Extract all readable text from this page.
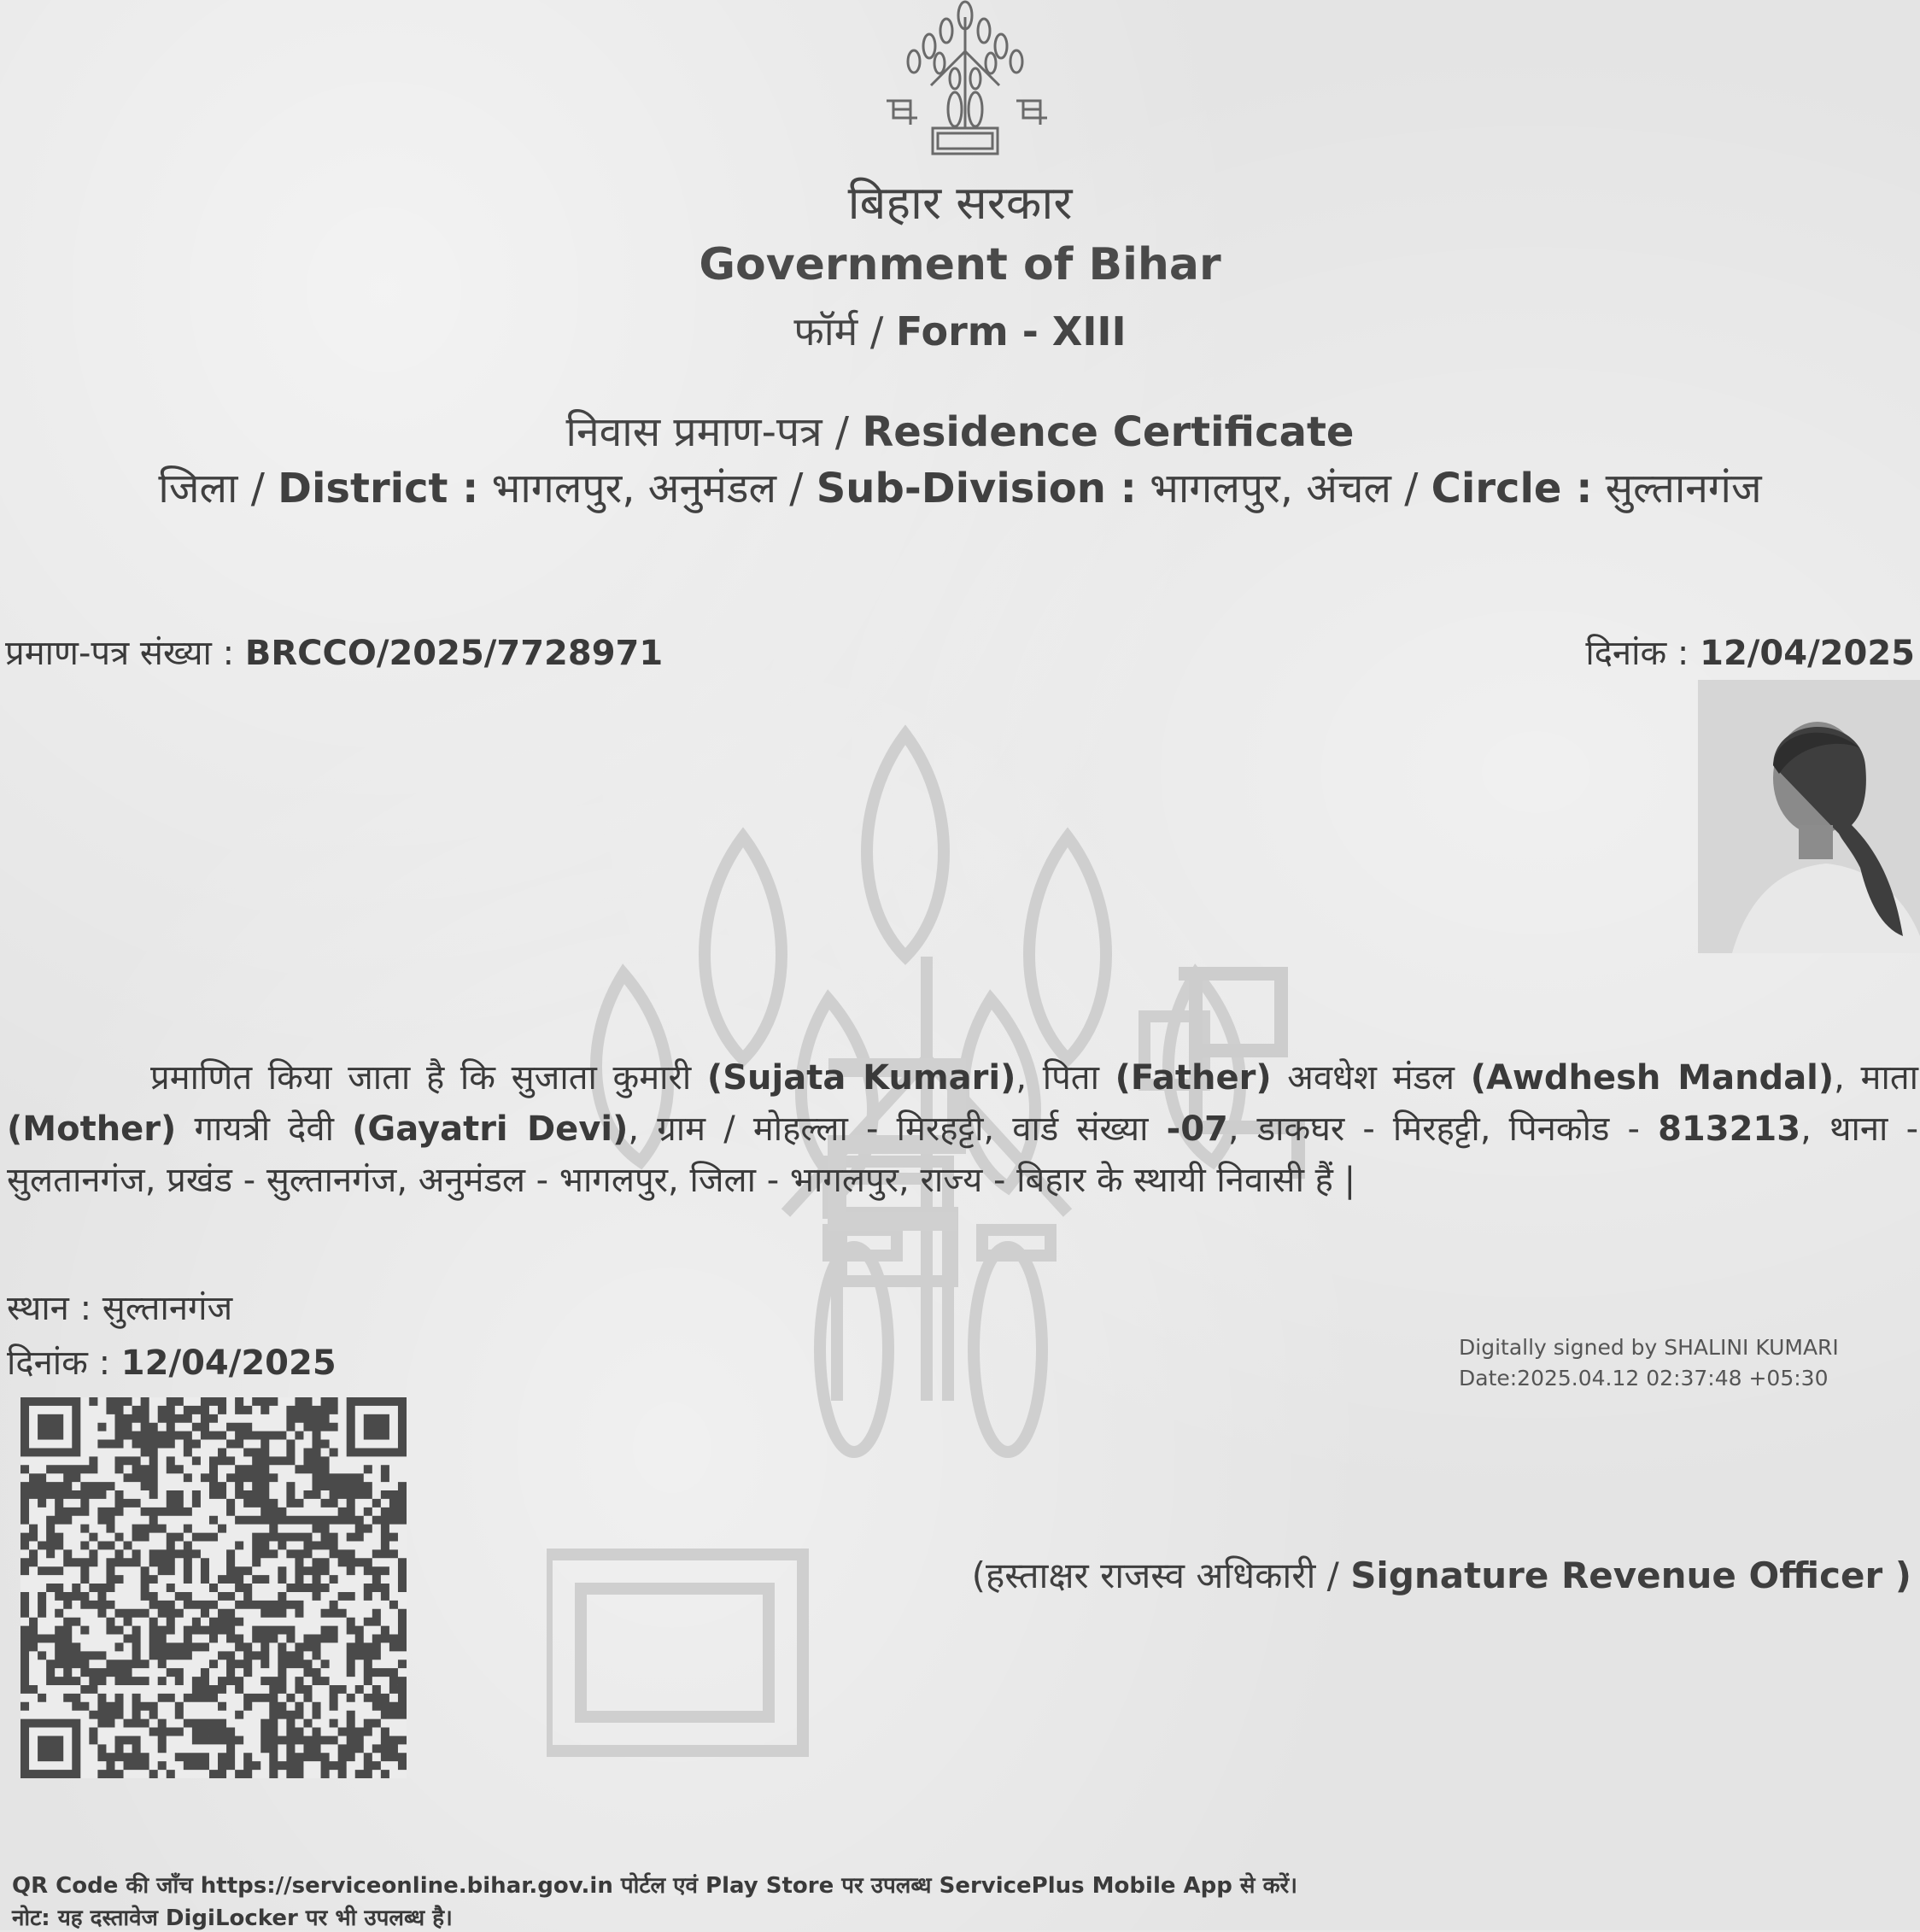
बिहार सरकार
Government of Bihar
फॉर्म / Form - XIII
निवास प्रमाण-पत्र / Residence Certificate
जिला / District : भागलपुर, अनुमंडल / Sub-Division : भागलपुर, अंचल / Circle : सुल्तानगंज
प्रमाण-पत्र संख्या : BRCCO/2025/7728971	दिनांक : 12/04/2025
प्रमाणित किया जाता है कि सुजाता कुमारी (Sujata Kumari), पिता (Father) अवधेश मंडल (Awdhesh Mandal), माता (Mother) गायत्री देवी (Gayatri Devi), ग्राम / मोहल्ला - मिरहट्टी, वार्ड संख्या -07, डाकघर - मिरहट्टी, पिनकोड - 813213, थाना - सुलतानगंज, प्रखंड - सुल्तानगंज, अनुमंडल - भागलपुर, जिला - भागलपुर, राज्य - बिहार के स्थायी निवासी हैं |
स्थान : सुल्तानगंज
दिनांक : 12/04/2025	Digitally signed by SHALINI KUMARI
Date:2025.04.12 02:37:48 +05:30
(हस्ताक्षर राजस्व अधिकारी / Signature Revenue Officer )
QR Code की जाँच https://serviceonline.bihar.gov.in पोर्टल एवं Play Store पर उपलब्ध ServicePlus Mobile App से करें।
नोट: यह दस्तावेज DigiLocker पर भी उपलब्ध है।
